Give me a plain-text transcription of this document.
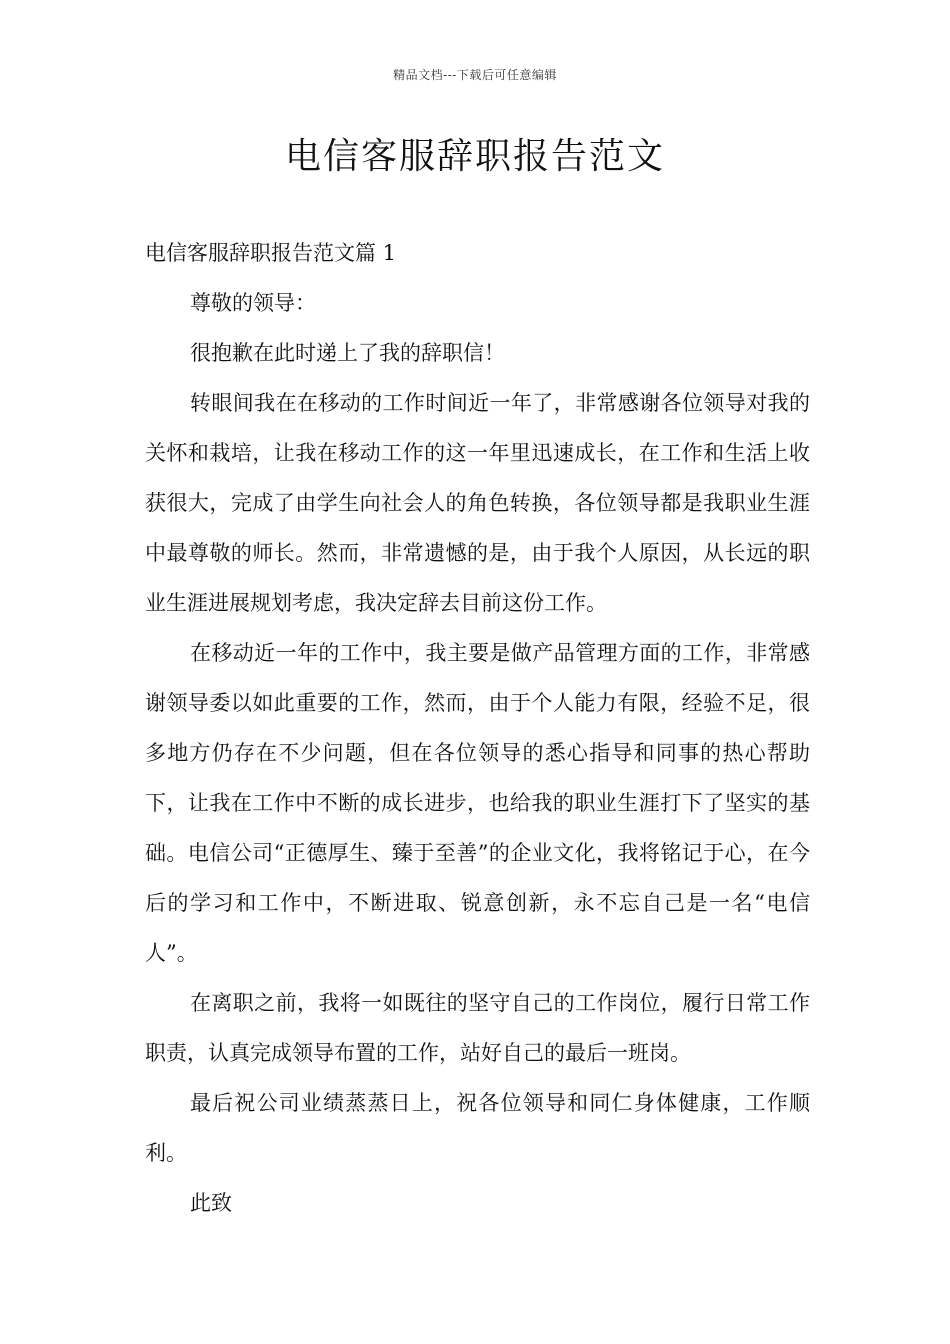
精品文档---下载后可任意编辑
电信客服辞职报告范文

电信客服辞职报告范文篇 1

尊敬的领导：

很抱歉在此时递上了我的辞职信！

转眼间我在在移动的工作时间近一年了，非常感谢各位领导对我的关怀和栽培，让我在移动工作的这一年里迅速成长，在工作和生活上收获很大，完成了由学生向社会人的角色转换，各位领导都是我职业生涯中最尊敬的师长。然而，非常遗憾的是，由于我个人原因，从长远的职业生涯进展规划考虑，我决定辞去目前这份工作。

在移动近一年的工作中，我主要是做产品管理方面的工作，非常感谢领导委以如此重要的工作，然而，由于个人能力有限，经验不足，很多地方仍存在不少问题，但在各位领导的悉心指导和同事的热心帮助下，让我在工作中不断的成长进步，也给我的职业生涯打下了坚实的基础。电信公司“正德厚生、臻于至善”的企业文化，我将铭记于心，在今后的学习和工作中，不断进取、锐意创新，永不忘自己是一名“电信人”。

在离职之前，我将一如既往的坚守自己的工作岗位，履行日常工作职责，认真完成领导布置的工作，站好自己的最后一班岗。

最后祝公司业绩蒸蒸日上，祝各位领导和同仁身体健康，工作顺利。

此致
